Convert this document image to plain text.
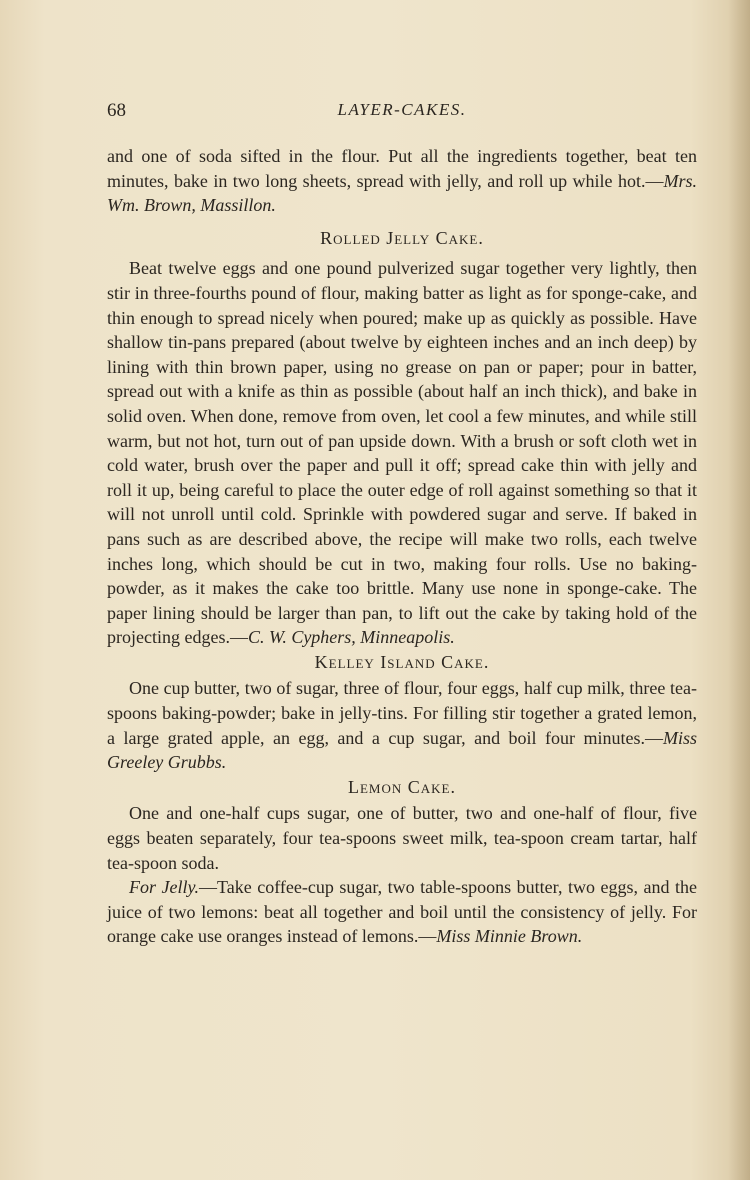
68	LAYER-CAKES.

and one of soda sifted in the flour. Put all the ingredients together, beat ten minutes, bake in two long sheets, spread with jelly, and roll up while hot.—Mrs. Wm. Brown, Massillon.

Rolled Jelly Cake.

Beat twelve eggs and one pound pulverized sugar together very lightly, then stir in three-fourths pound of flour, making batter as light as for sponge-cake, and thin enough to spread nicely when poured; make up as quickly as possible. Have shallow tin-pans prepared (about twelve by eighteen inches and an inch deep) by lining with thin brown paper, using no grease on pan or paper; pour in batter, spread out with a knife as thin as possible (about half an inch thick), and bake in solid oven. When done, remove from oven, let cool a few minutes, and while still warm, but not hot, turn out of pan upside down. With a brush or soft cloth wet in cold water, brush over the paper and pull it off; spread cake thin with jelly and roll it up, being careful to place the outer edge of roll against something so that it will not unroll until cold. Sprinkle with powdered sugar and serve. If baked in pans such as are described above, the recipe will make two rolls, each twelve inches long, which should be cut in two, making four rolls. Use no baking-powder, as it makes the cake too brittle. Many use none in sponge-cake. The paper lining should be larger than pan, to lift out the cake by taking hold of the projecting edges.—C. W. Cyphers, Minneapolis.

Kelley Island Cake.

One cup butter, two of sugar, three of flour, four eggs, half cup milk, three tea-spoons baking-powder; bake in jelly-tins. For filling stir together a grated lemon, a large grated apple, an egg, and a cup sugar, and boil four minutes.—Miss Greeley Grubbs.

Lemon Cake.

One and one-half cups sugar, one of butter, two and one-half of flour, five eggs beaten separately, four tea-spoons sweet milk, tea-spoon cream tartar, half tea-spoon soda.

For Jelly.—Take coffee-cup sugar, two table-spoons butter, two eggs, and the juice of two lemons: beat all together and boil until the consistency of jelly. For orange cake use oranges instead of lemons.—Miss Minnie Brown.
